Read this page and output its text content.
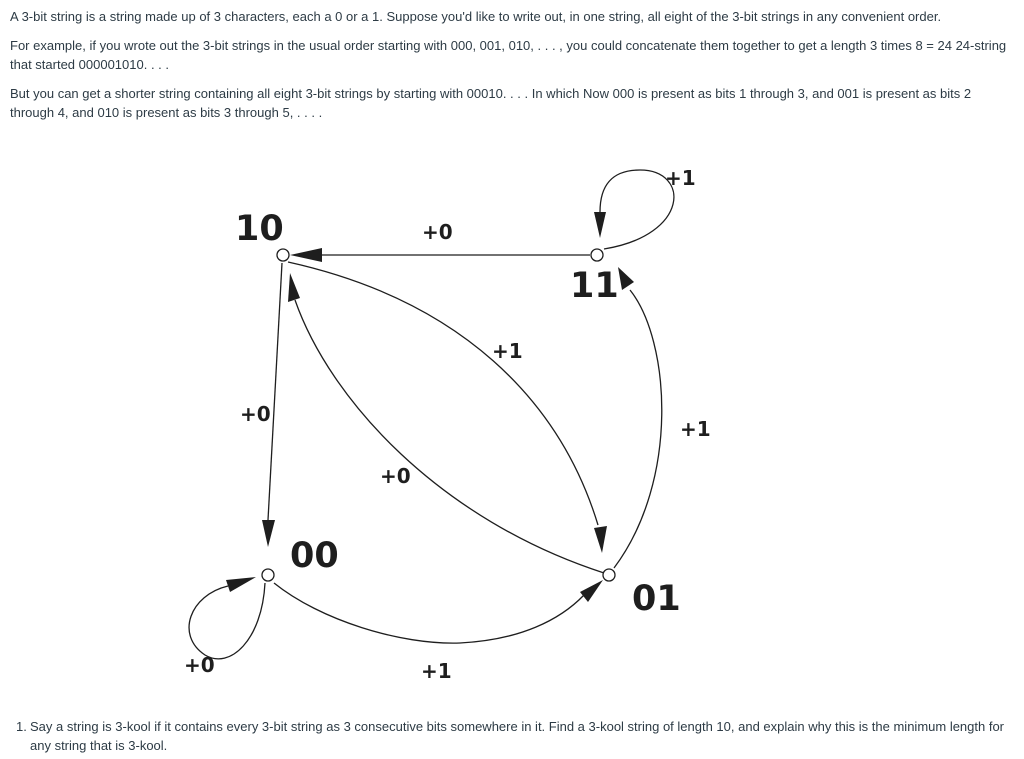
A 3-bit string is a string made up of 3 characters, each a 0 or a 1. Suppose you'd like to write out, in one string, all eight of the 3-bit strings in any convenient order.

For example, if you wrote out the 3-bit strings in the usual order starting with 000, 001, 010, . . . , you could concatenate them together to get a length 3 times 8 = 24 24-string that started 000001010. . . .

But you can get a shorter string containing all eight 3-bit strings by starting with 00010. . . . In which Now 000 is present as bits 1 through 3, and 001 is present as bits 2 through 4, and 010 is present as bits 3 through 5, . . . .

10
11
00
01
+0
+1
+0
+1
+0
+1
+0	+1
1. Say a string is 3-kool if it contains every 3-bit string as 3 consecutive bits somewhere in it. Find a 3-kool string of length 10, and explain why this is the minimum length for any string that is 3-kool.
